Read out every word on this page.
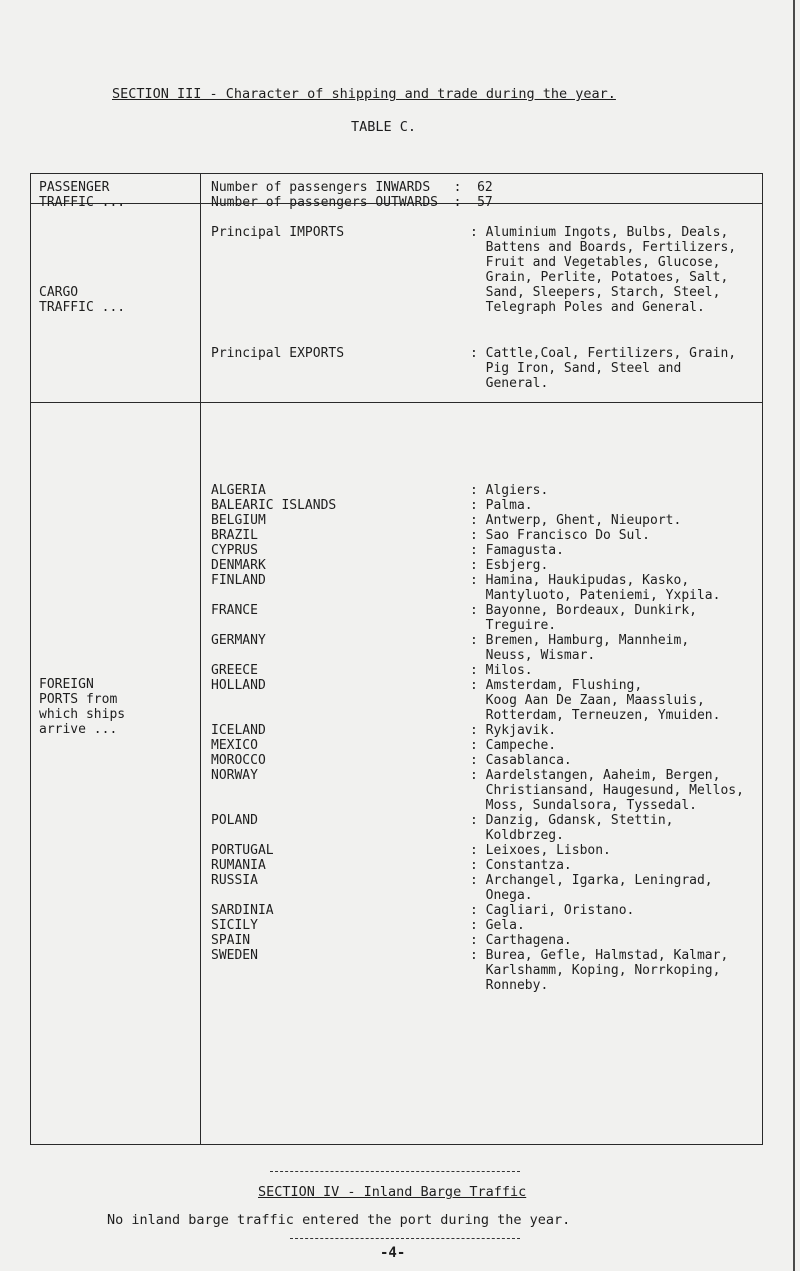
SECTION III - Character of shipping and trade during the year.
TABLE C.
PASSENGER
TRAFFIC ...
Number of passengers INWARDS   :  62
Number of passengers OUTWARDS  :  57
CARGO
TRAFFIC ...
Principal IMPORTS	: Aluminium Ingots, Bulbs, Deals,
Battens and Boards, Fertilizers,
Fruit and Vegetables, Glucose,
Grain, Perlite, Potatoes, Salt,
Sand, Sleepers, Starch, Steel,
Telegraph Poles and General.
Principal EXPORTS	: Cattle,Coal, Fertilizers, Grain,
Pig Iron, Sand, Steel and
General.
FOREIGN
PORTS from
which ships
arrive ...
ALGERIA
BALEARIC ISLANDS
BELGIUM
BRAZIL
CYPRUS
DENMARK
FINLAND

FRANCE

GERMANY

GREECE
HOLLAND

ICELAND
MEXICO
MOROCCO
NORWAY

POLAND

PORTUGAL
RUMANIA
RUSSIA

SARDINIA
SICILY
SPAIN
SWEDEN
: Algiers.
: Palma.
: Antwerp, Ghent, Nieuport.
: Sao Francisco Do Sul.
: Famagusta.
: Esbjerg.
: Hamina, Haukipudas, Kasko,
Mantyluoto, Pateniemi, Yxpila.
: Bayonne, Bordeaux, Dunkirk,
Treguire.
: Bremen, Hamburg, Mannheim,
Neuss, Wismar.
: Milos.
: Amsterdam, Flushing,
Koog Aan De Zaan, Maassluis,
Rotterdam, Terneuzen, Ymuiden.
: Rykjavik.
: Campeche.
: Casablanca.
: Aardelstangen, Aaheim, Bergen,
Christiansand, Haugesund, Mellos,
Moss, Sundalsora, Tyssedal.
: Danzig, Gdansk, Stettin,
Koldbrzeg.
: Leixoes, Lisbon.
: Constantza.
: Archangel, Igarka, Leningrad,
Onega.
: Cagliari, Oristano.
: Gela.
: Carthagena.
: Burea, Gefle, Halmstad, Kalmar,
Karlshamm, Koping, Norrkoping,
Ronneby.
SECTION IV - Inland Barge Traffic
No inland barge traffic entered the port during the year.
-4-
